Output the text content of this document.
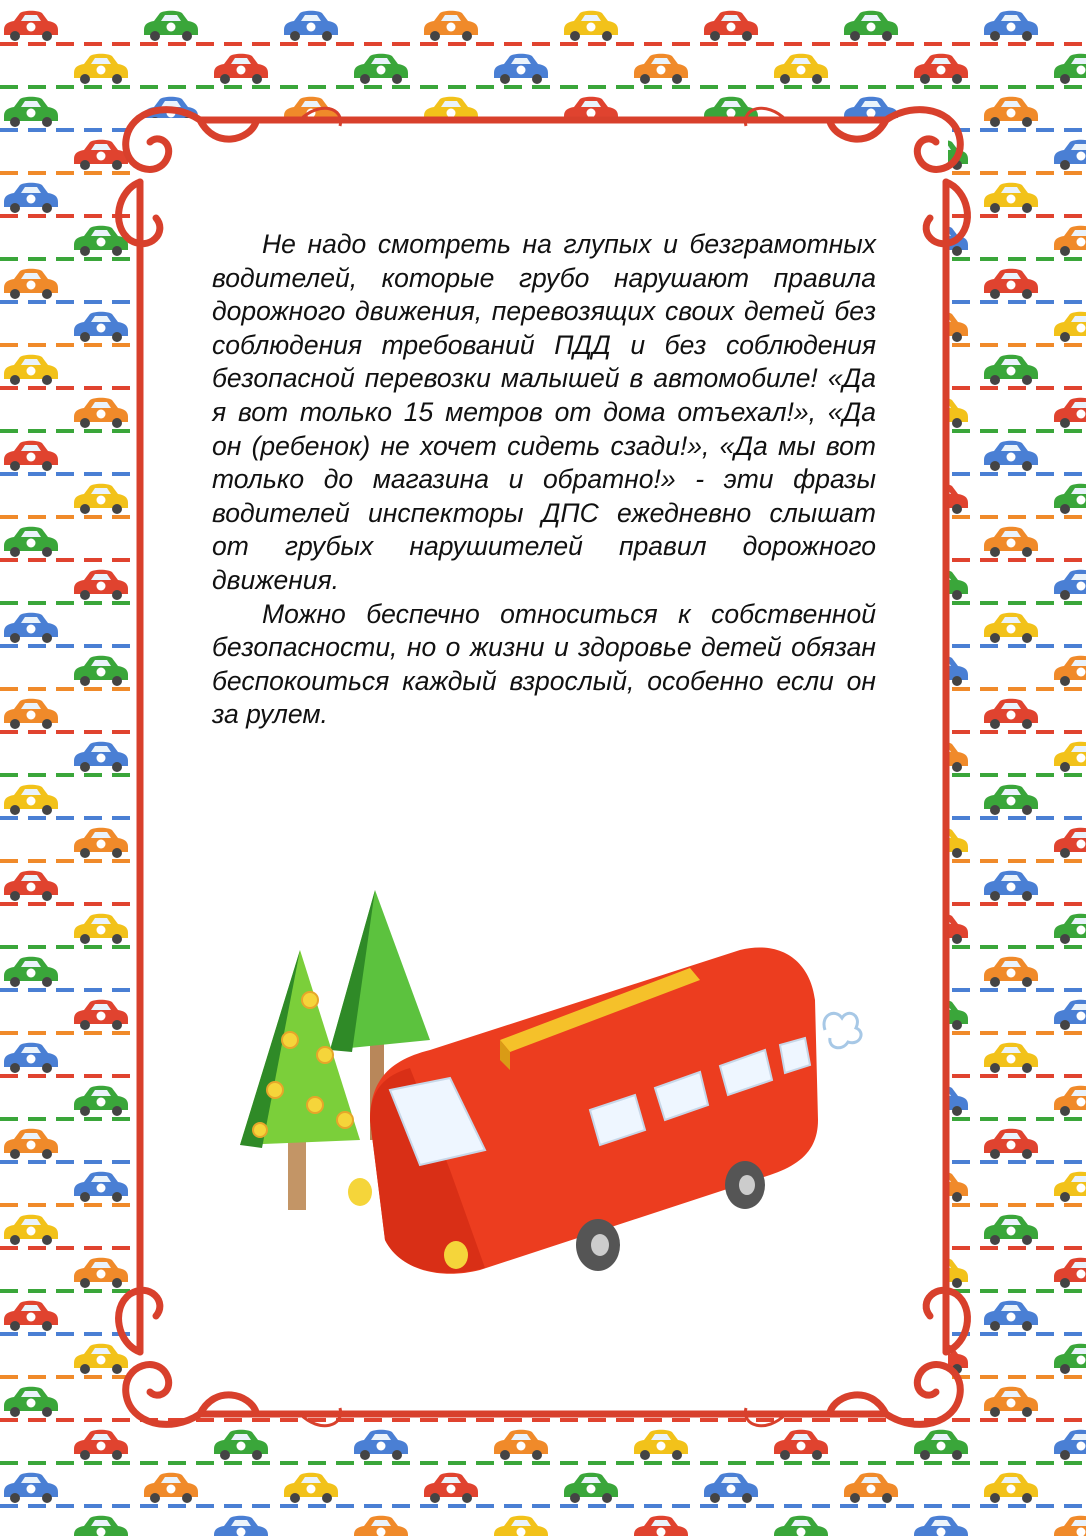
Не надо смотреть на глупых и безграмотных водителей, которые грубо нарушают правила дорожного движения, перевозящих своих детей без соблюдения требований ПДД и без соблюдения безопасной перевозки малышей в автомобиле! «Да я вот только 15 метров от дома отъехал!», «Да он (ребенок) не хочет сидеть сзади!», «Да мы вот только до магазина и обратно!» - эти фразы водителей инспекторы ДПС ежедневно слышат от грубых нарушителей правил дорожного движения.

Можно беспечно относиться к собственной безопасности, но о жизни и здоровье детей обязан беспокоиться каждый взрослый, особенно если он за рулем.
